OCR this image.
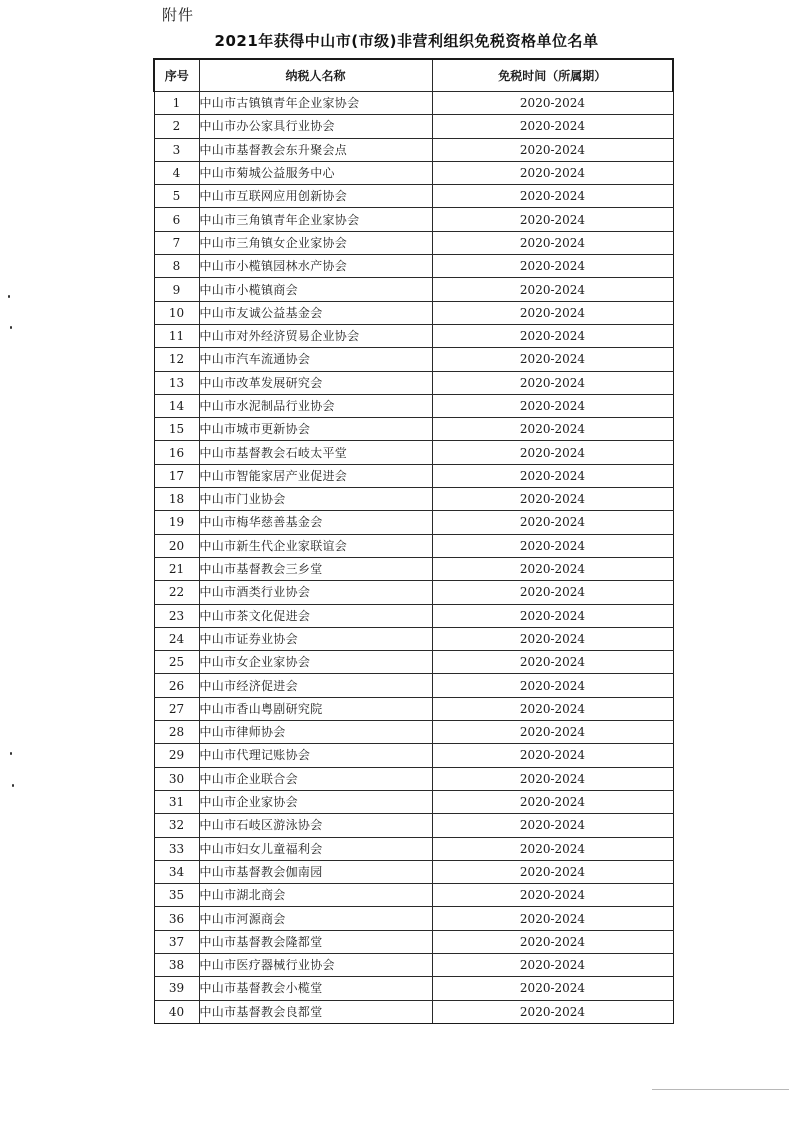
附件
2021年获得中山市(市级)非营利组织免税资格单位名单
序号	纳税人名称	免税时间（所属期）
1	中山市古镇镇青年企业家协会	2020-2024
2	中山市办公家具行业协会	2020-2024
3	中山市基督教会东升聚会点	2020-2024
4	中山市菊城公益服务中心	2020-2024
5	中山市互联网应用创新协会	2020-2024
6	中山市三角镇青年企业家协会	2020-2024
7	中山市三角镇女企业家协会	2020-2024
8	中山市小榄镇园林水产协会	2020-2024
9	中山市小榄镇商会	2020-2024
10	中山市友诚公益基金会	2020-2024
11	中山市对外经济贸易企业协会	2020-2024
12	中山市汽车流通协会	2020-2024
13	中山市改革发展研究会	2020-2024
14	中山市水泥制品行业协会	2020-2024
15	中山市城市更新协会	2020-2024
16	中山市基督教会石岐太平堂	2020-2024
17	中山市智能家居产业促进会	2020-2024
18	中山市门业协会	2020-2024
19	中山市梅华慈善基金会	2020-2024
20	中山市新生代企业家联谊会	2020-2024
21	中山市基督教会三乡堂	2020-2024
22	中山市酒类行业协会	2020-2024
23	中山市茶文化促进会	2020-2024
24	中山市证券业协会	2020-2024
25	中山市女企业家协会	2020-2024
26	中山市经济促进会	2020-2024
27	中山市香山粤剧研究院	2020-2024
28	中山市律师协会	2020-2024
29	中山市代理记账协会	2020-2024
30	中山市企业联合会	2020-2024
31	中山市企业家协会	2020-2024
32	中山市石岐区游泳协会	2020-2024
33	中山市妇女儿童福利会	2020-2024
34	中山市基督教会伽南园	2020-2024
35	中山市湖北商会	2020-2024
36	中山市河源商会	2020-2024
37	中山市基督教会隆都堂	2020-2024
38	中山市医疗器械行业协会	2020-2024
39	中山市基督教会小榄堂	2020-2024
40	中山市基督教会良都堂	2020-2024
